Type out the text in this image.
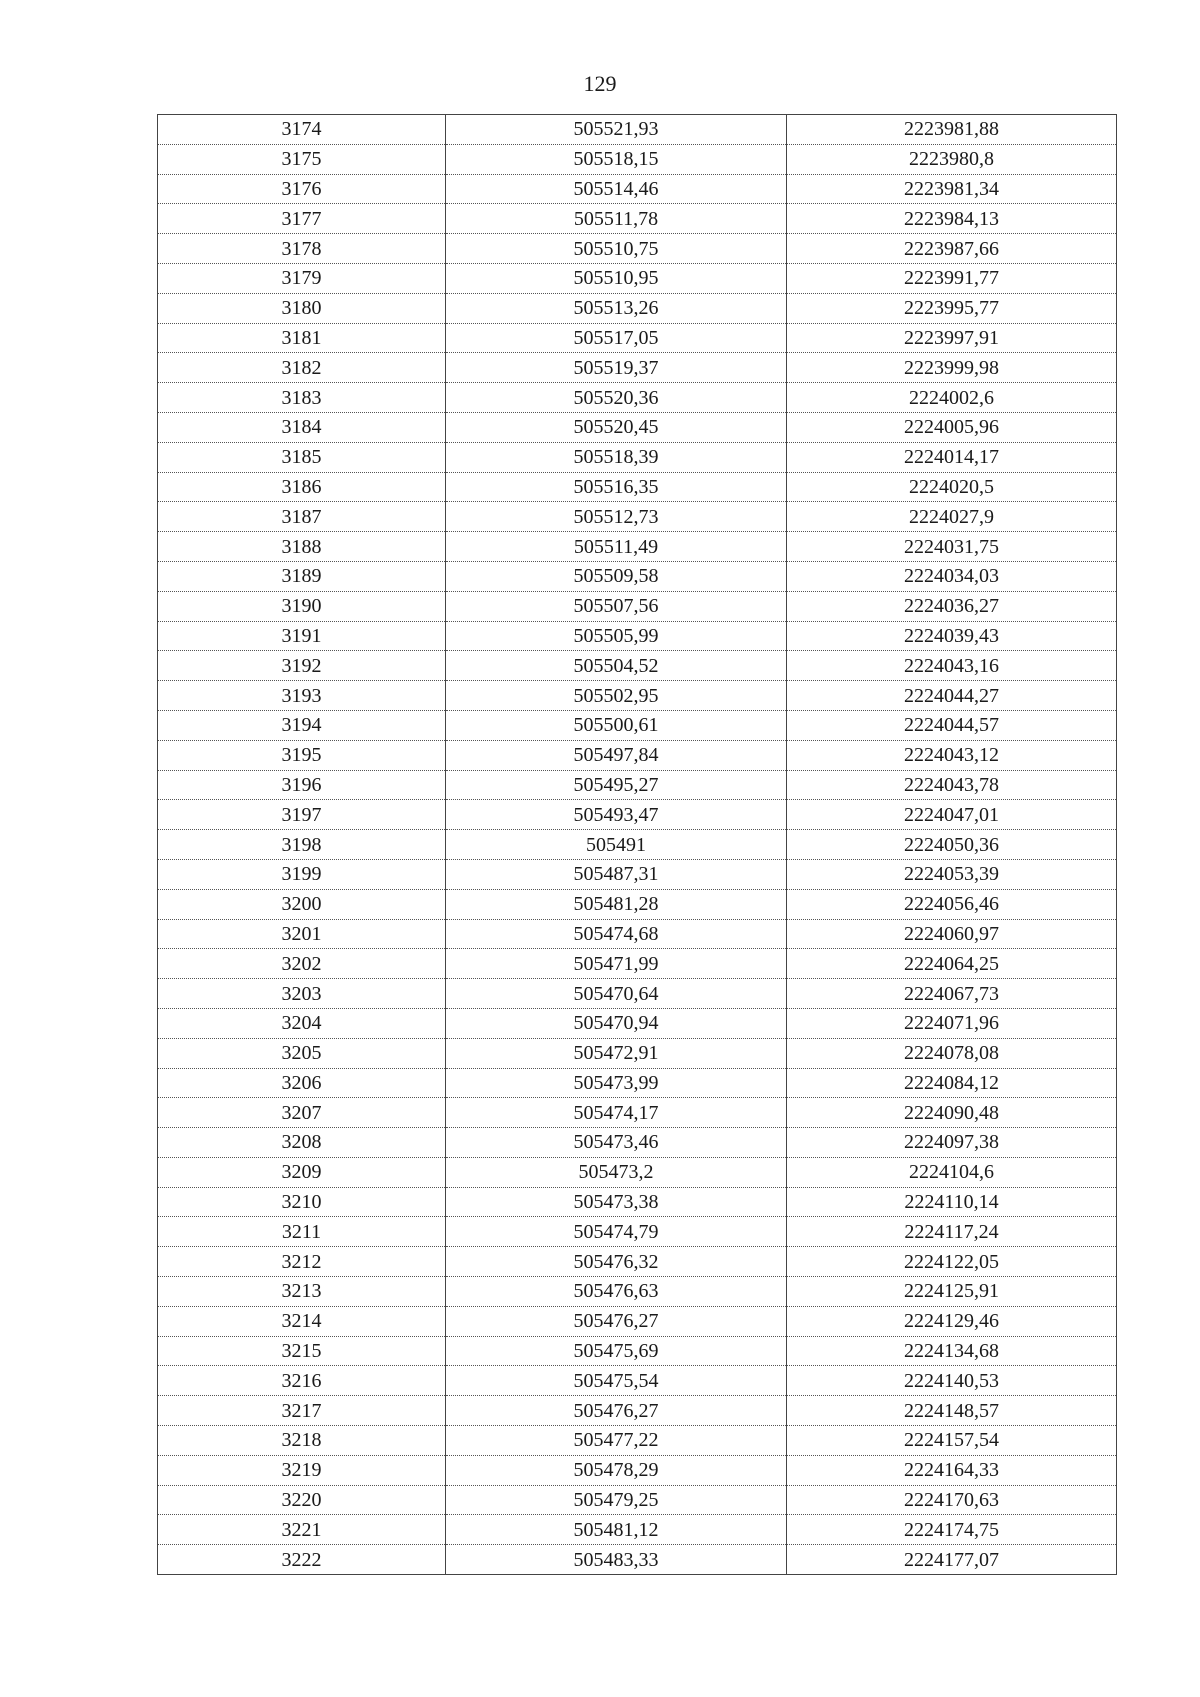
129
3174	505521,93	2223981,88
3175	505518,15	2223980,8
3176	505514,46	2223981,34
3177	505511,78	2223984,13
3178	505510,75	2223987,66
3179	505510,95	2223991,77
3180	505513,26	2223995,77
3181	505517,05	2223997,91
3182	505519,37	2223999,98
3183	505520,36	2224002,6
3184	505520,45	2224005,96
3185	505518,39	2224014,17
3186	505516,35	2224020,5
3187	505512,73	2224027,9
3188	505511,49	2224031,75
3189	505509,58	2224034,03
3190	505507,56	2224036,27
3191	505505,99	2224039,43
3192	505504,52	2224043,16
3193	505502,95	2224044,27
3194	505500,61	2224044,57
3195	505497,84	2224043,12
3196	505495,27	2224043,78
3197	505493,47	2224047,01
3198	505491	2224050,36
3199	505487,31	2224053,39
3200	505481,28	2224056,46
3201	505474,68	2224060,97
3202	505471,99	2224064,25
3203	505470,64	2224067,73
3204	505470,94	2224071,96
3205	505472,91	2224078,08
3206	505473,99	2224084,12
3207	505474,17	2224090,48
3208	505473,46	2224097,38
3209	505473,2	2224104,6
3210	505473,38	2224110,14
3211	505474,79	2224117,24
3212	505476,32	2224122,05
3213	505476,63	2224125,91
3214	505476,27	2224129,46
3215	505475,69	2224134,68
3216	505475,54	2224140,53
3217	505476,27	2224148,57
3218	505477,22	2224157,54
3219	505478,29	2224164,33
3220	505479,25	2224170,63
3221	505481,12	2224174,75
3222	505483,33	2224177,07
